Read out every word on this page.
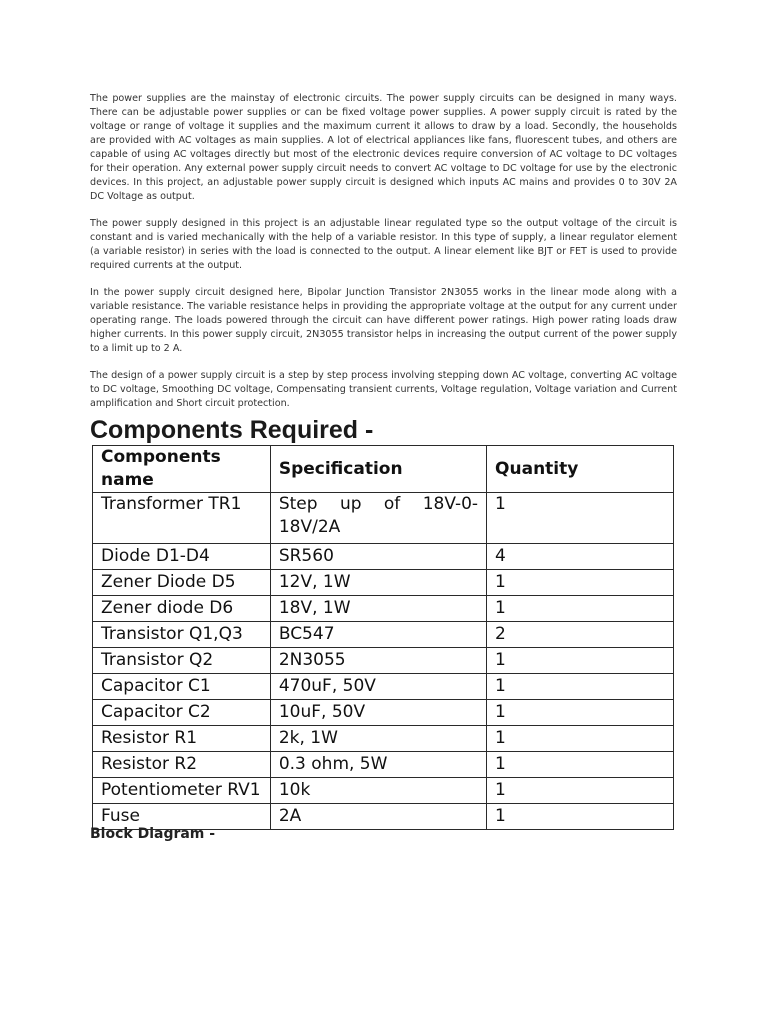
The power supplies are the mainstay of electronic circuits. The power supply circuits can be designed in many ways. There can be adjustable power supplies or can be fixed voltage power supplies. A power supply circuit is rated by the voltage or range of voltage it supplies and the maximum current it allows to draw by a load. Secondly, the households are provided with AC voltages as main supplies. A lot of electrical appliances like fans, fluorescent tubes, and others are capable of using AC voltages directly but most of the electronic devices require conversion of AC voltage to DC voltages for their operation. Any external power supply circuit needs to convert AC voltage to DC voltage for use by the electronic devices. In this project, an adjustable power supply circuit is designed which inputs AC mains and provides 0 to 30V 2A DC Voltage as output.

The power supply designed in this project is an adjustable linear regulated type so the output voltage of the circuit is constant and is varied mechanically with the help of a variable resistor. In this type of supply, a linear regulator element (a variable resistor) in series with the load is connected to the output. A linear element like BJT or FET is used to provide required currents at the output.

In the power supply circuit designed here, Bipolar Junction Transistor 2N3055 works in the linear mode along with a variable resistance. The variable resistance helps in providing the appropriate voltage at the output for any current under operating range. The loads powered through the circuit can have different power ratings. High power rating loads draw higher currents. In this power supply circuit, 2N3055 transistor helps in increasing the output current of the power supply to a limit up to 2 A.

The design of a power supply circuit is a step by step process involving stepping down AC voltage, converting AC voltage to DC voltage, Smoothing DC voltage, Compensating transient currents, Voltage regulation, Voltage variation and Current amplification and Short circuit protection.

Components Required -
Components name	Specification	Quantity
Transformer TR1	Step up of 18V-0-18V/2A	1
Diode D1-D4	SR560	4
Zener Diode D5	12V, 1W	1
Zener diode D6	18V, 1W	1
Transistor Q1,Q3	BC547	2
Transistor Q2	2N3055	1
Capacitor C1	470uF, 50V	1
Capacitor C2	10uF, 50V	1
Resistor R1	2k, 1W	1
Resistor R2	0.3 ohm, 5W	1
Potentiometer RV1	10k	1
Fuse	2A	1
Block Diagram -
